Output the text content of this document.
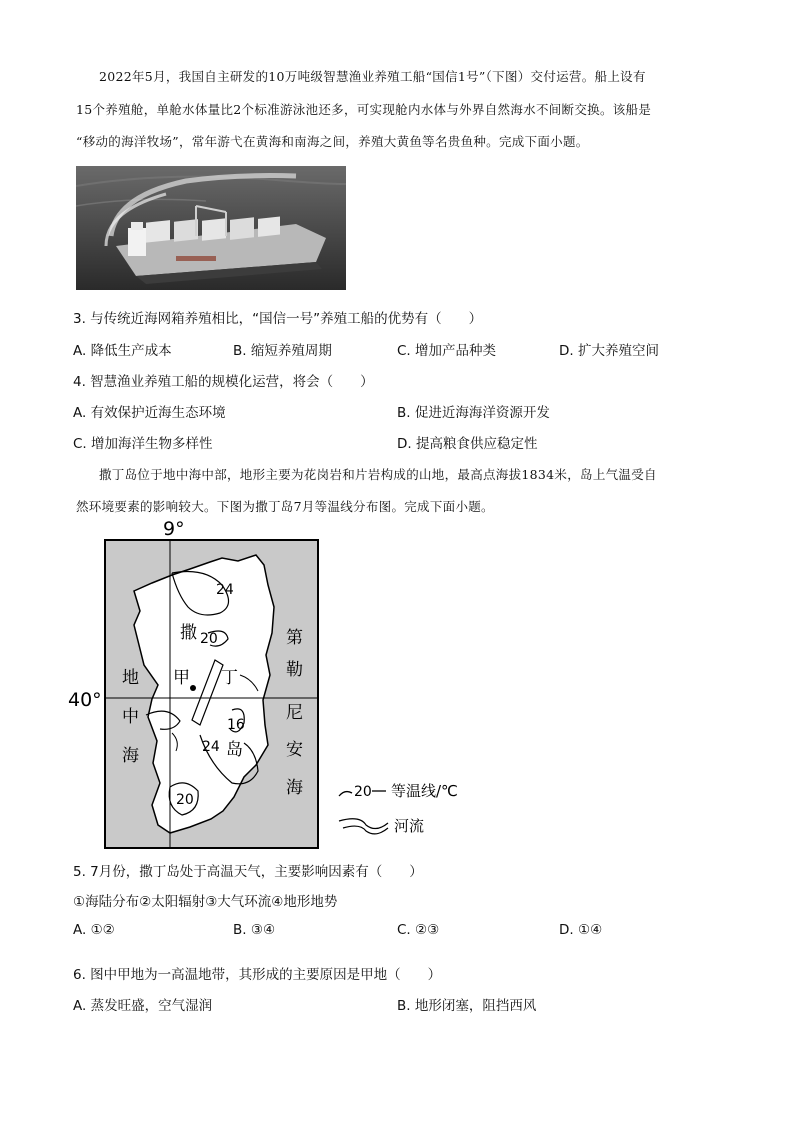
2022年5月，我国自主研发的10万吨级智慧渔业养殖工船“国信1号”（下图）交付运营。船上设有
15个养殖舱，单舱水体量比2个标准游泳池还多，可实现舱内水体与外界自然海水不间断交换。该船是
“移动的海洋牧场”，常年游弋在黄海和南海之间，养殖大黄鱼等名贵鱼种。完成下面小题。
3. 与传统近海网箱养殖相比，“国信一号”养殖工船的优势有（　　）
A. 降低生产成本	B. 缩短养殖周期	C. 增加产品种类	D. 扩大养殖空间
4. 智慧渔业养殖工船的规模化运营，将会（　　）
A. 有效保护近海生态环境	B. 促进近海海洋资源开发
C. 增加海洋生物多样性	D. 提高粮食供应稳定性
撒丁岛位于地中海中部，地形主要为花岗岩和片岩构成的山地，最高点海拔1834米，岛上气温受自
然环境要素的影响较大。下图为撒丁岛7月等温线分布图。完成下面小题。
9°
40°
地
中
海
第
勒
尼
安
海
撒
丁
岛
甲
24
20
16
24
20	20 等温线/℃
河流
5. 7月份，撒丁岛处于高温天气，主要影响因素有（　　）
①海陆分布②太阳辐射③大气环流④地形地势
A. ①②	B. ③④	C. ②③	D. ①④
6. 图中甲地为一高温地带，其形成的主要原因是甲地（　　）
A. 蒸发旺盛，空气湿润	B. 地形闭塞，阻挡西风
